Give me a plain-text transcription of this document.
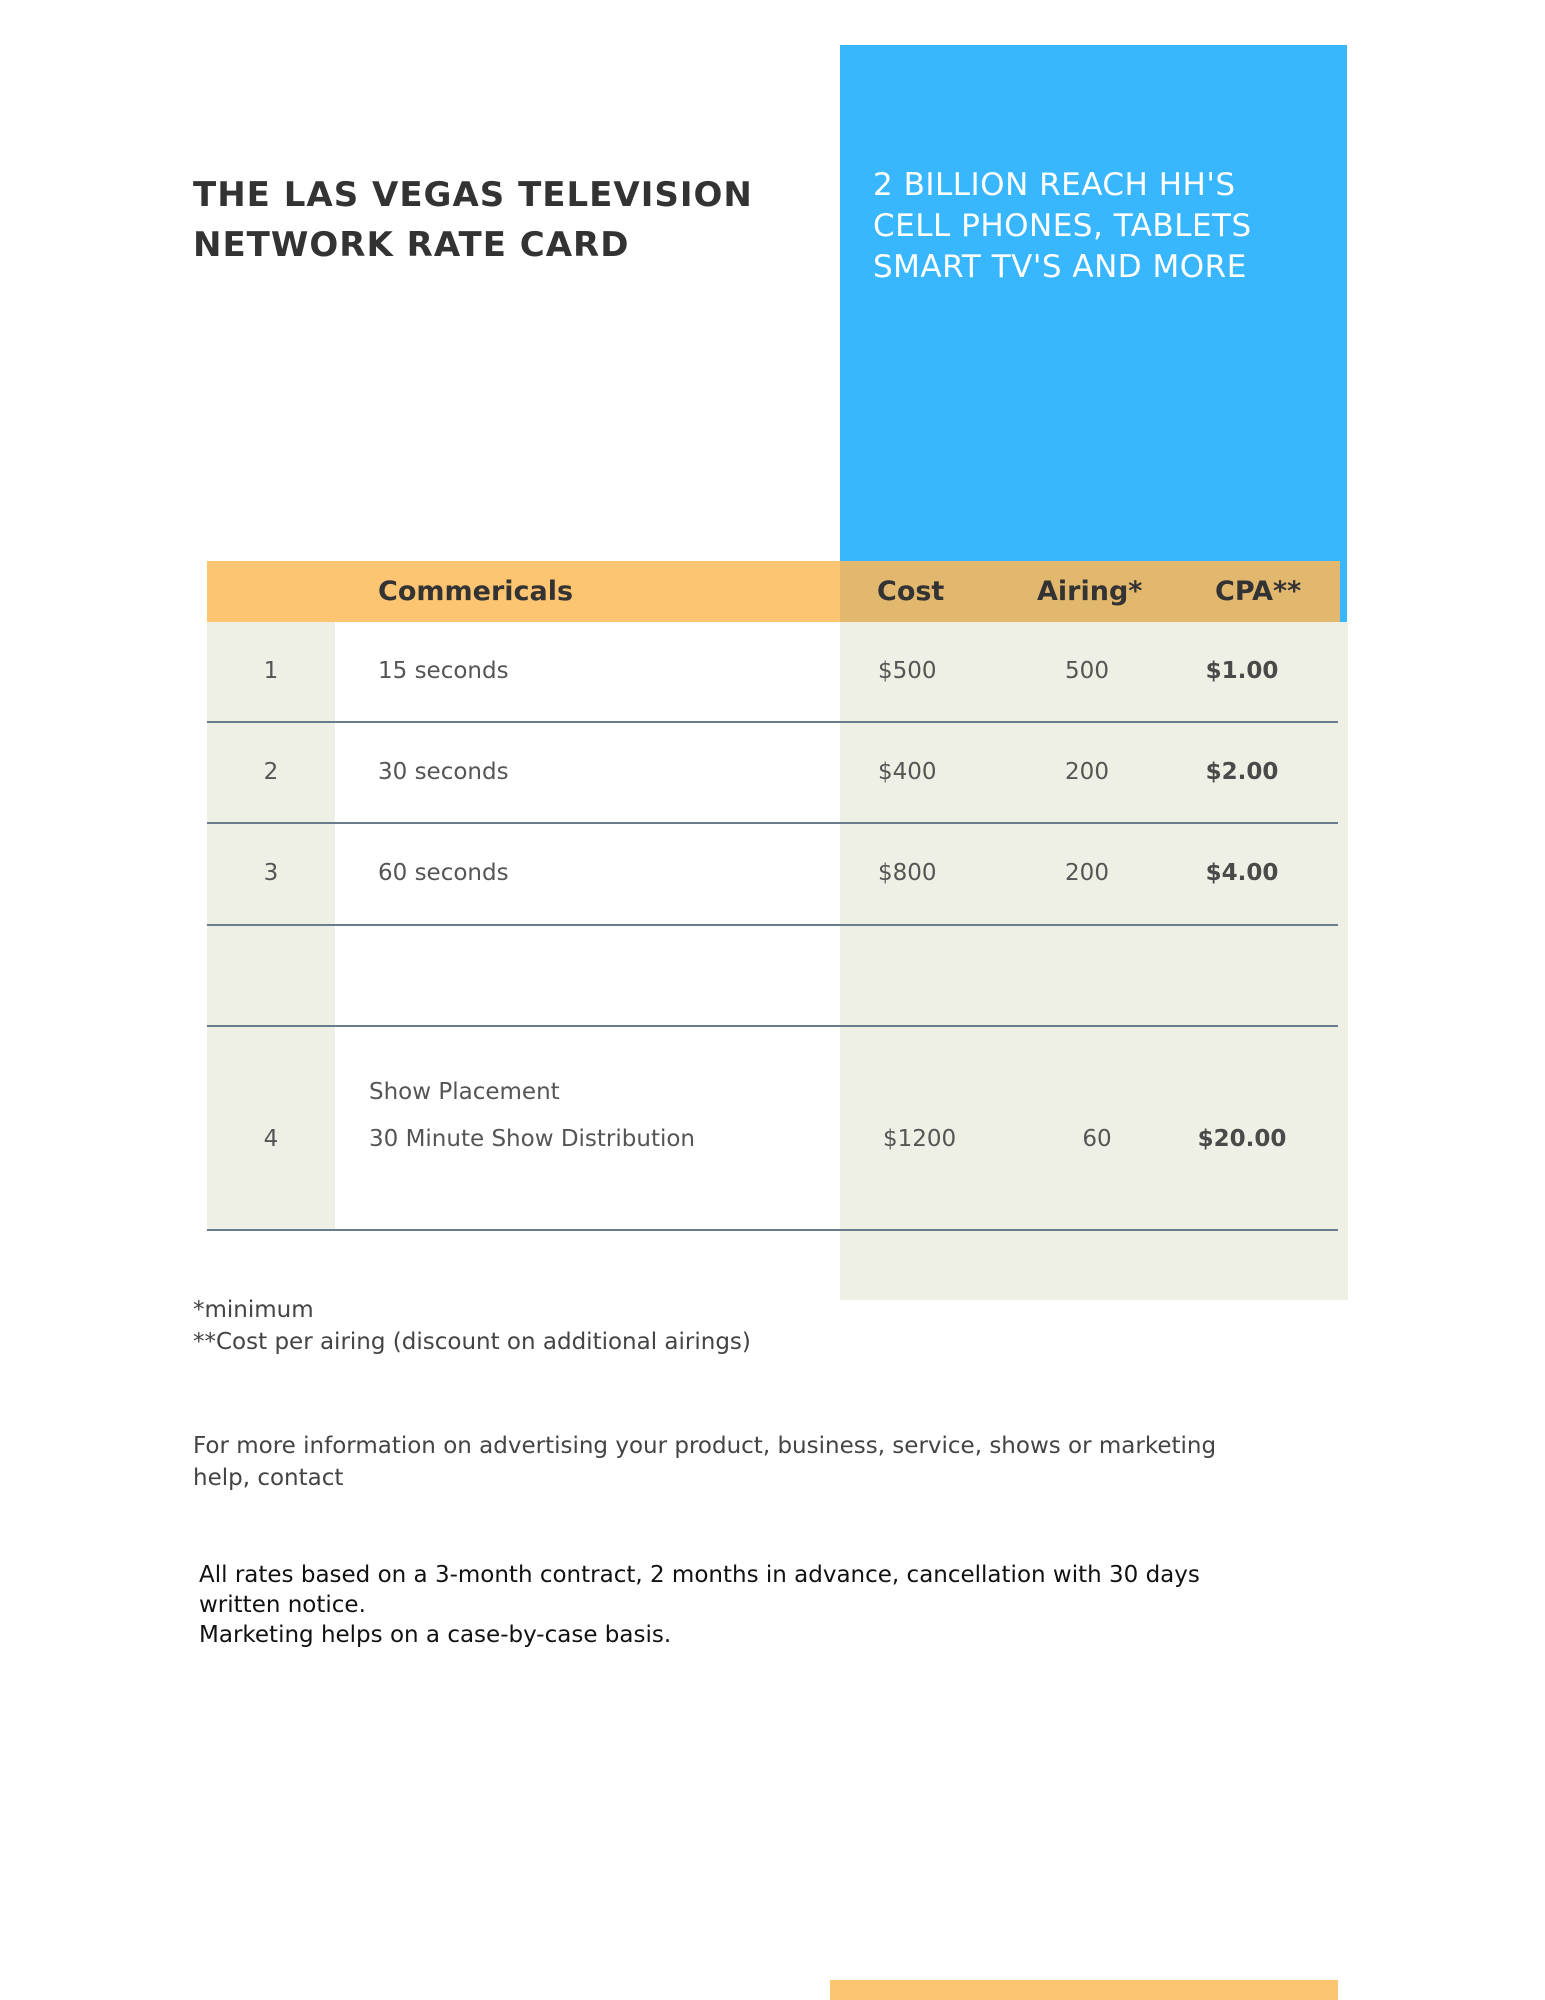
2 BILLION REACH HH'S CELL PHONES, TABLETS SMART TV'S AND MORE
THE LAS VEGAS TELEVISION NETWORK RATE CARD
Commericals	Cost	Airing*	CPA**
1	15 seconds	$500	500	$1.00
2	30 seconds	$400	200	$2.00
3	60 seconds	$800	200	$4.00
Show Placement
4	30 Minute Show Distribution	$1200	60	$20.00
*minimum
**Cost per airing (discount on additional airings)
For more information on advertising your product, business, service, shows or marketing help, contact
All rates based on a 3-month contract, 2 months in advance, cancellation with 30 days written notice.
Marketing helps on a case-by-case basis.
